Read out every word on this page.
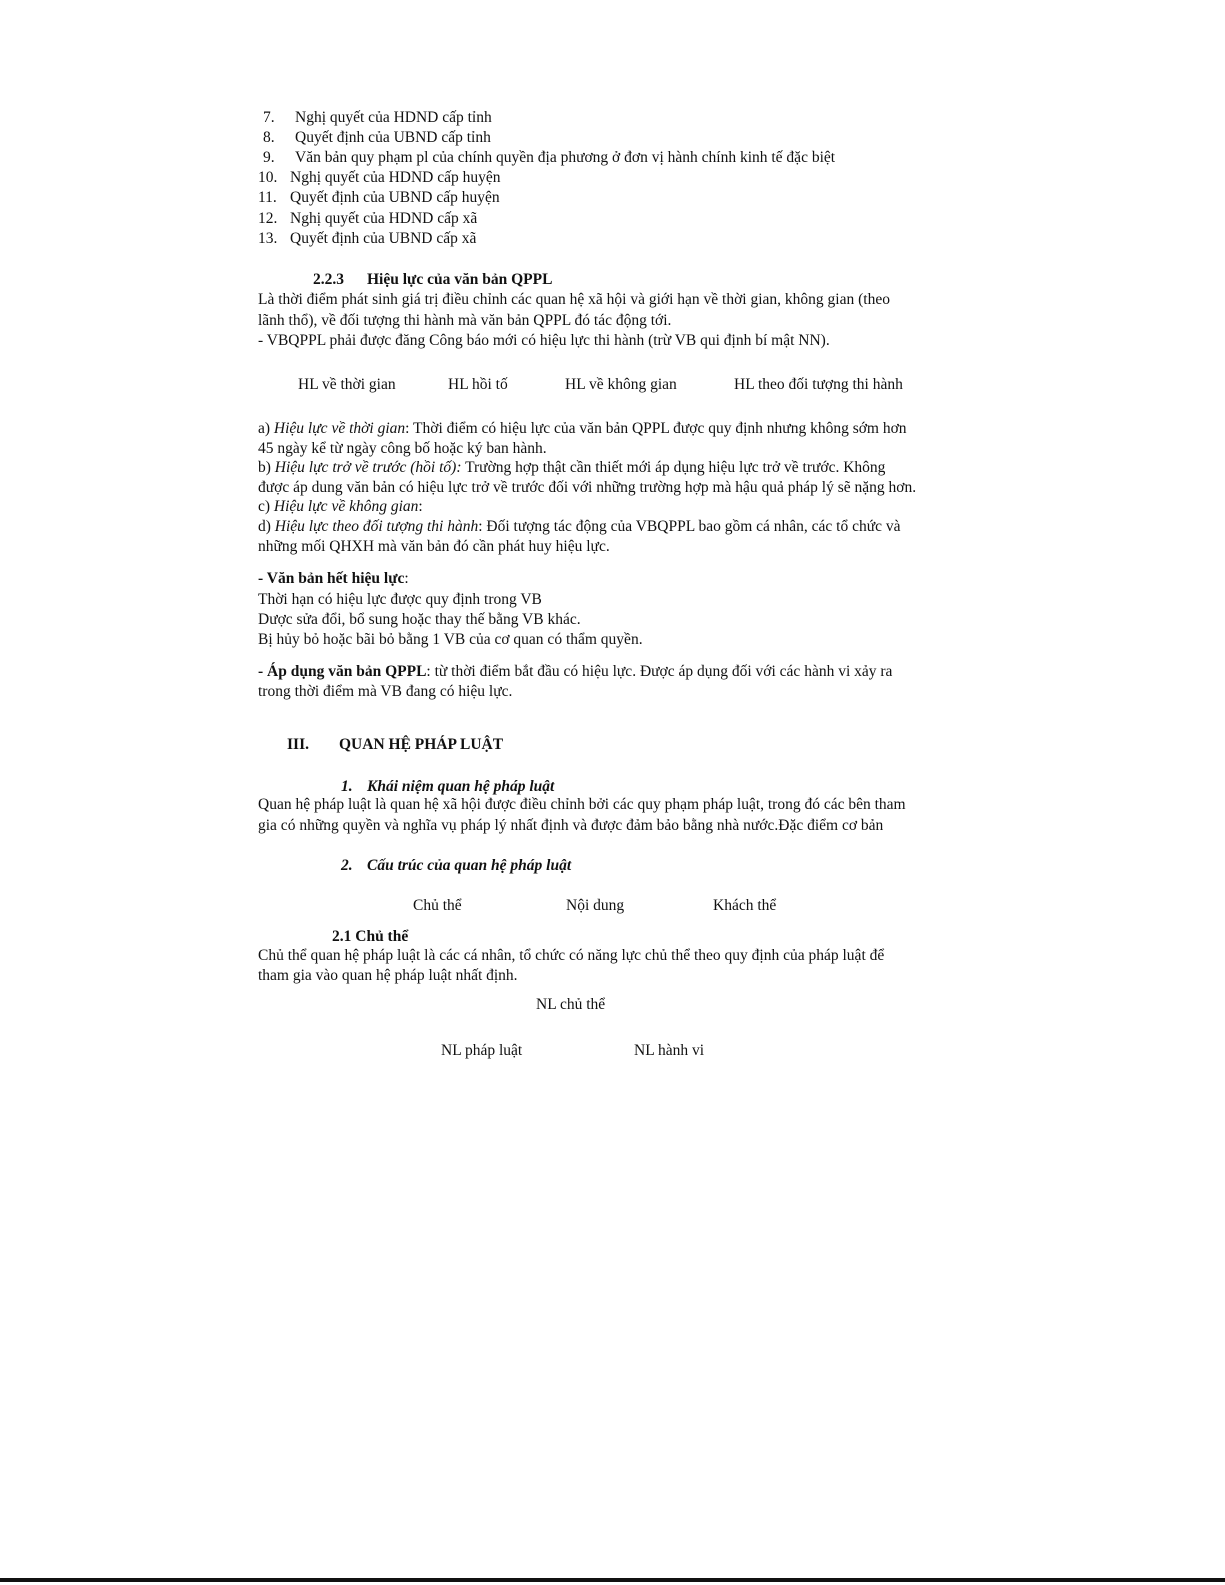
7. Nghị quyết của HDND cấp tỉnh
8. Quyết định của UBND cấp tỉnh
9. Văn bản quy phạm pl của chính quyền địa phương ở đơn vị hành chính kinh tế đặc biệt
10. Nghị quyết của HDND cấp huyện
11. Quyết định của UBND cấp huyện
12. Nghị quyết của HDND cấp xã
13. Quyết định của UBND cấp xã
2.2.3 Hiệu lực của văn bản QPPL
Là thời điểm phát sinh giá trị điều chỉnh các quan hệ xã hội và giới hạn về thời gian, không gian (theo
lãnh thổ), về đối tượng thi hành mà văn bản QPPL đó tác động tới.
- VBQPPL phải được đăng Công báo mới có hiệu lực thi hành (trừ VB qui định bí mật NN).
HL về thời gian	HL hồi tố	HL về không gian	HL theo đối tượng thi hành
a) Hiệu lực về thời gian: Thời điểm có hiệu lực của văn bản QPPL được quy định nhưng không sớm hơn
45 ngày kể từ ngày công bố hoặc ký ban hành.
b) Hiệu lực trở về trước (hồi tố): Trường hợp thật cần thiết mới áp dụng hiệu lực trở về trước. Không
được áp dung văn bản có hiệu lực trở về trước đối với những trường hợp mà hậu quả pháp lý sẽ nặng hơn.
c) Hiệu lực về không gian:
d) Hiệu lực theo đối tượng thi hành: Đối tượng tác động của VBQPPL bao gồm cá nhân, các tổ chức và
những mối QHXH mà văn bản đó cần phát huy hiệu lực.
- Văn bản hết hiệu lực:
Thời hạn có hiệu lực được quy định trong VB
Dược sửa đổi, bổ sung hoặc thay thế bằng VB khác.
Bị hủy bỏ hoặc bãi bỏ bằng 1 VB của cơ quan có thẩm quyền.
- Áp dụng văn bản QPPL: từ thời điểm bắt đầu có hiệu lực. Được áp dụng đối với các hành vi xảy ra
trong thời điểm mà VB đang có hiệu lực.
III. QUAN HỆ PHÁP LUẬT
1. Khái niệm quan hệ pháp luật
Quan hệ pháp luật là quan hệ xã hội được điều chỉnh bởi các quy phạm pháp luật, trong đó các bên tham
gia có những quyền và nghĩa vụ pháp lý nhất định và được đảm bảo bằng nhà nước.Đặc điểm cơ bản
2. Cấu trúc của quan hệ pháp luật
Chủ thể	Nội dung	Khách thể
2.1 Chủ thể
Chủ thể quan hệ pháp luật là các cá nhân, tổ chức có năng lực chủ thể theo quy định của pháp luật để
tham gia vào quan hệ pháp luật nhất định.
NL chủ thể
NL pháp luật	NL hành vi
